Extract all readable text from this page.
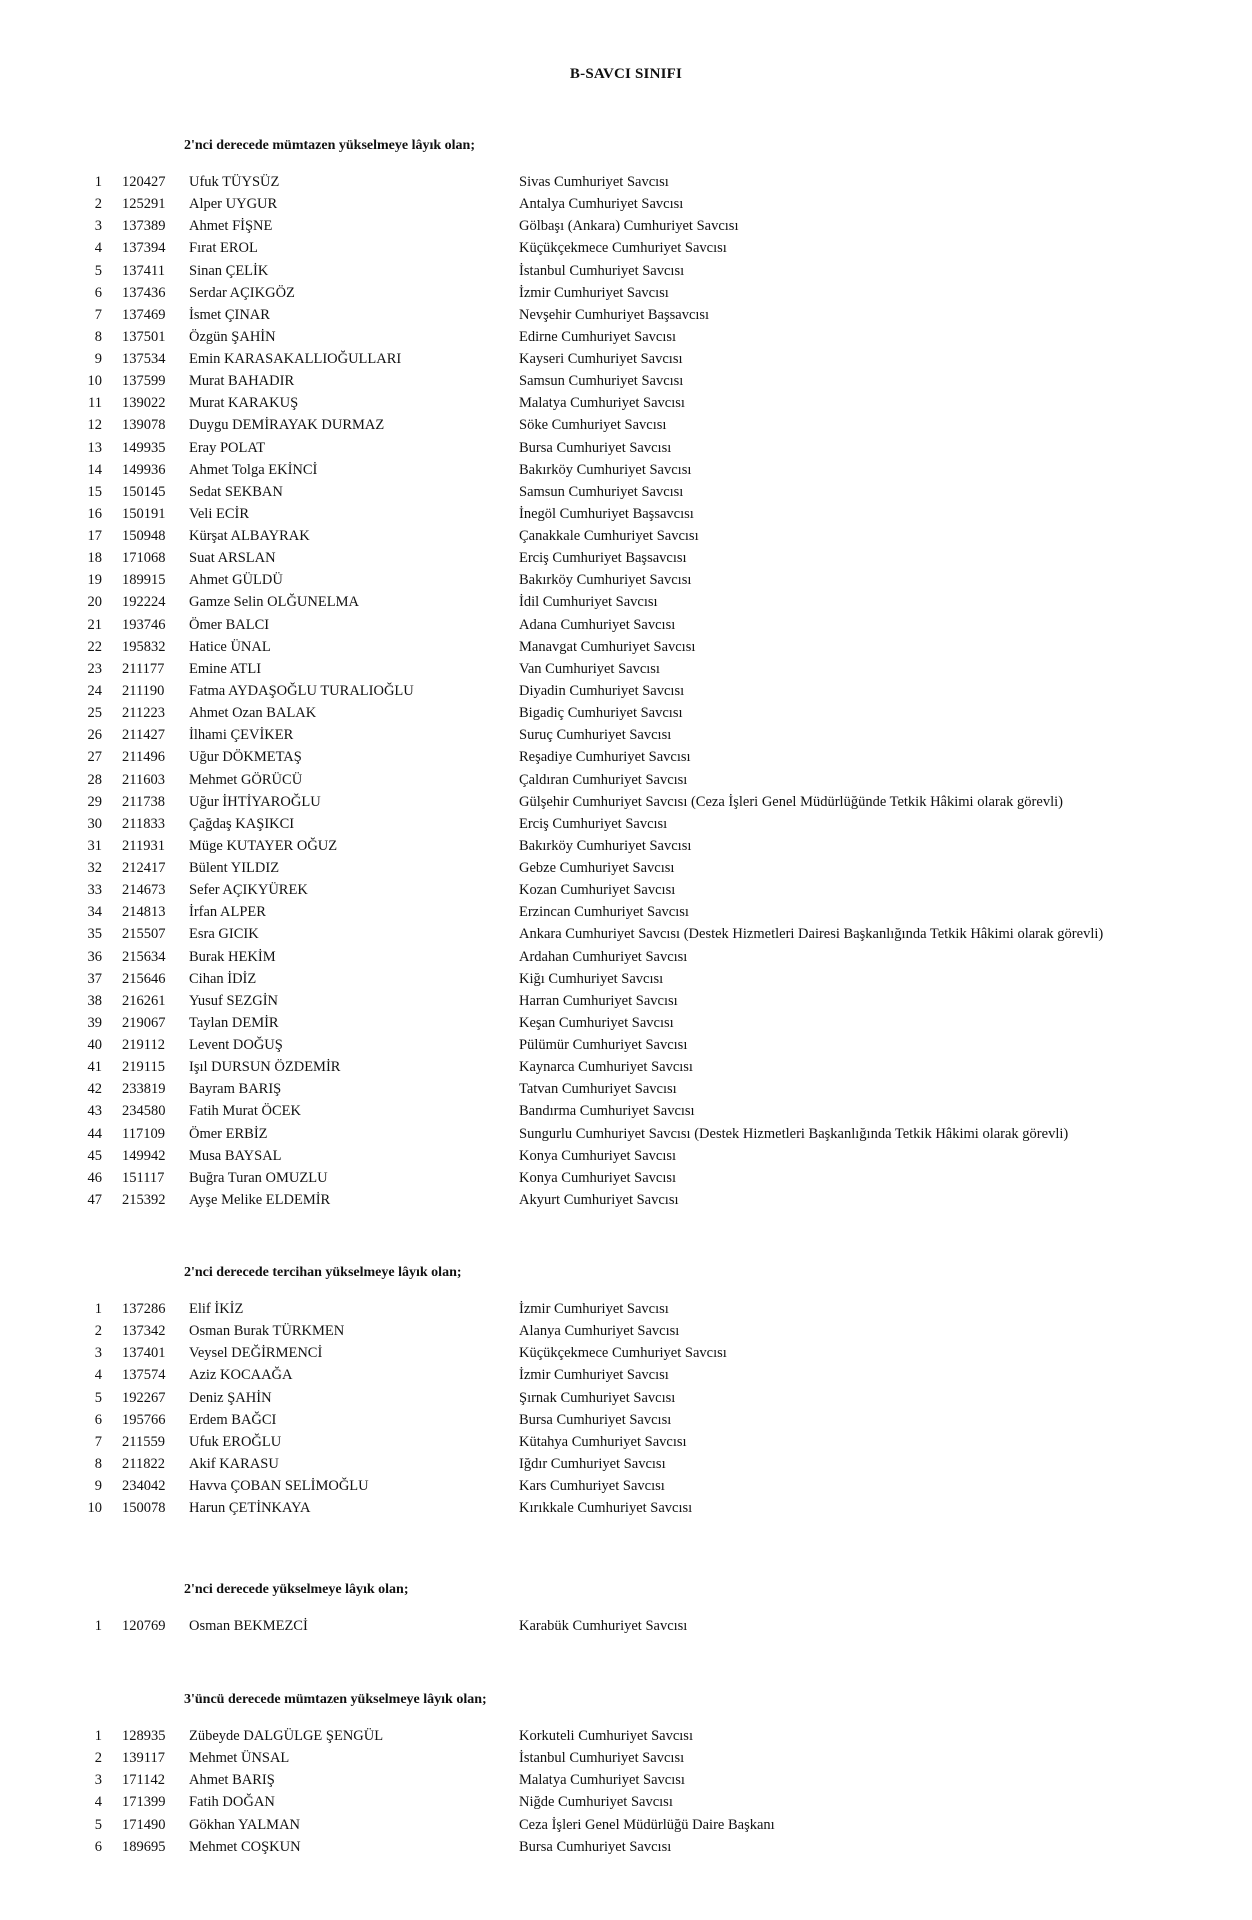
B-SAVCI SINIFI
2'nci derecede mümtazen yükselmeye lâyık olan;
1 120427 Ufuk TÜYSÜZ	Sivas Cumhuriyet Savcısı
2 125291 Alper UYGUR	Antalya Cumhuriyet Savcısı
3 137389 Ahmet FİŞNE	Gölbaşı (Ankara) Cumhuriyet Savcısı
4 137394 Fırat EROL	Küçükçekmece Cumhuriyet Savcısı
5 137411 Sinan ÇELİK	İstanbul Cumhuriyet Savcısı
6 137436 Serdar AÇIKGÖZ	İzmir Cumhuriyet Savcısı
7 137469 İsmet ÇINAR	Nevşehir Cumhuriyet Başsavcısı
8 137501 Özgün ŞAHİN	Edirne Cumhuriyet Savcısı
9 137534 Emin KARASAKALLIOĞULLARI	Kayseri Cumhuriyet Savcısı
10 137599 Murat BAHADIR	Samsun Cumhuriyet Savcısı
11 139022 Murat KARAKUŞ	Malatya Cumhuriyet Savcısı
12 139078 Duygu DEMİRAYAK DURMAZ	Söke Cumhuriyet Savcısı
13 149935 Eray POLAT	Bursa Cumhuriyet Savcısı
14 149936 Ahmet Tolga EKİNCİ	Bakırköy Cumhuriyet Savcısı
15 150145 Sedat SEKBAN	Samsun Cumhuriyet Savcısı
16 150191 Veli ECİR	İnegöl Cumhuriyet Başsavcısı
17 150948 Kürşat ALBAYRAK	Çanakkale Cumhuriyet Savcısı
18 171068 Suat ARSLAN	Erciş Cumhuriyet Başsavcısı
19 189915 Ahmet GÜLDÜ	Bakırköy Cumhuriyet Savcısı
20 192224 Gamze Selin OLĞUNELMA	İdil Cumhuriyet Savcısı
21 193746 Ömer BALCI	Adana Cumhuriyet Savcısı
22 195832 Hatice ÜNAL	Manavgat Cumhuriyet Savcısı
23 211177 Emine ATLI	Van Cumhuriyet Savcısı
24 211190 Fatma AYDAŞOĞLU TURALIOĞLU	Diyadin Cumhuriyet Savcısı
25 211223 Ahmet Ozan BALAK	Bigadiç Cumhuriyet Savcısı
26 211427 İlhami ÇEVİKER	Suruç Cumhuriyet Savcısı
27 211496 Uğur DÖKMETAŞ	Reşadiye Cumhuriyet Savcısı
28 211603 Mehmet GÖRÜCÜ	Çaldıran Cumhuriyet Savcısı
29 211738 Uğur İHTİYAROĞLU	Gülşehir Cumhuriyet Savcısı (Ceza İşleri Genel Müdürlüğünde Tetkik Hâkimi olarak görevli)
30 211833 Çağdaş KAŞIKCI	Erciş Cumhuriyet Savcısı
31 211931 Müge KUTAYER OĞUZ	Bakırköy Cumhuriyet Savcısı
32 212417 Bülent YILDIZ	Gebze Cumhuriyet Savcısı
33 214673 Sefer AÇIKYÜREK	Kozan Cumhuriyet Savcısı
34 214813 İrfan ALPER	Erzincan Cumhuriyet Savcısı
35 215507 Esra GICIK	Ankara Cumhuriyet Savcısı (Destek Hizmetleri Dairesi Başkanlığında Tetkik Hâkimi olarak görevli)
36 215634 Burak HEKİM	Ardahan Cumhuriyet Savcısı
37 215646 Cihan İDİZ	Kiğı Cumhuriyet Savcısı
38 216261 Yusuf SEZGİN	Harran Cumhuriyet Savcısı
39 219067 Taylan DEMİR	Keşan Cumhuriyet Savcısı
40 219112 Levent DOĞUŞ	Pülümür Cumhuriyet Savcısı
41 219115 Işıl DURSUN ÖZDEMİR	Kaynarca Cumhuriyet Savcısı
42 233819 Bayram BARIŞ	Tatvan Cumhuriyet Savcısı
43 234580 Fatih Murat ÖCEK	Bandırma Cumhuriyet Savcısı
44 117109 Ömer ERBİZ	Sungurlu Cumhuriyet Savcısı (Destek Hizmetleri Başkanlığında Tetkik Hâkimi olarak görevli)
45 149942 Musa BAYSAL	Konya Cumhuriyet Savcısı
46 151117 Buğra Turan OMUZLU	Konya Cumhuriyet Savcısı
47 215392 Ayşe Melike ELDEMİR	Akyurt Cumhuriyet Savcısı
2'nci derecede tercihan yükselmeye lâyık olan;
1 137286 Elif İKİZ	İzmir Cumhuriyet Savcısı
2 137342 Osman Burak TÜRKMEN	Alanya Cumhuriyet Savcısı
3 137401 Veysel DEĞİRMENCİ	Küçükçekmece Cumhuriyet Savcısı
4 137574 Aziz KOCAAĞA	İzmir Cumhuriyet Savcısı
5 192267 Deniz ŞAHİN	Şırnak Cumhuriyet Savcısı
6 195766 Erdem BAĞCI	Bursa Cumhuriyet Savcısı
7 211559 Ufuk EROĞLU	Kütahya Cumhuriyet Savcısı
8 211822 Akif KARASU	Iğdır Cumhuriyet Savcısı
9 234042 Havva ÇOBAN SELİMOĞLU	Kars Cumhuriyet Savcısı
10 150078 Harun ÇETİNKAYA	Kırıkkale Cumhuriyet Savcısı
2'nci derecede yükselmeye lâyık olan;
1 120769 Osman BEKMEZCİ	Karabük Cumhuriyet Savcısı
3'üncü derecede mümtazen yükselmeye lâyık olan;
1 128935 Zübeyde DALGÜLGE ŞENGÜL	Korkuteli Cumhuriyet Savcısı
2 139117 Mehmet ÜNSAL	İstanbul Cumhuriyet Savcısı
3 171142 Ahmet BARIŞ	Malatya Cumhuriyet Savcısı
4 171399 Fatih DOĞAN	Niğde Cumhuriyet Savcısı
5 171490 Gökhan YALMAN	Ceza İşleri Genel Müdürlüğü Daire Başkanı
6 189695 Mehmet COŞKUN	Bursa Cumhuriyet Savcısı
